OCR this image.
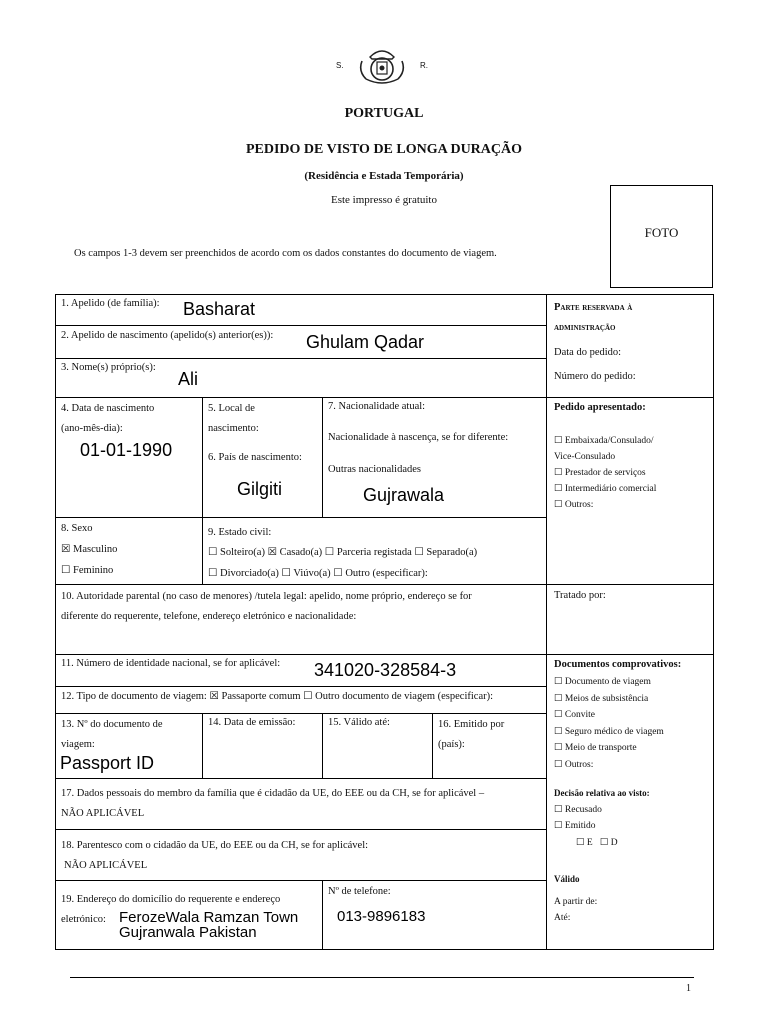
S.	R.
PORTUGAL
PEDIDO DE VISTO DE LONGA DURAÇÃO
(Residência e Estada Temporária)
Este impresso é gratuito
FOTO
Os campos 1-3 devem ser preenchidos de acordo com os dados constantes do documento de viagem.
1. Apelido (de família): Basharat
2. Apelido de nascimento (apelido(s) anterior(es)): Ghulam Qadar
3. Nome(s) próprio(s):
Ali
4. Data de nascimento
(ano-mês-dia):
01-01-1990
5. Local de
nascimento:
6. País de nascimento:
Gilgiti
7. Nacionalidade atual:
Nacionalidade à nascença, se for diferente:
Outras nacionalidades
Gujrawala
8. Sexo
☒ Masculino
☐ Feminino
9. Estado civil:
☐ Solteiro(a) ☒ Casado(a) ☐ Parceria registada ☐ Separado(a)
☐ Divorciado(a) ☐ Viúvo(a) ☐ Outro (especificar):
10. Autoridade parental (no caso de menores) /tutela legal: apelido, nome próprio, endereço se for
diferente do requerente, telefone, endereço eletrónico e nacionalidade:
11. Número de identidade nacional, se for aplicável: 341020-328584-3
12. Tipo de documento de viagem: ☒ Passaporte comum ☐ Outro documento de viagem (especificar):
13. Nº do documento de
viagem:
Passport ID
14. Data de emissão:	15. Válido até:	16. Emitido por
(país):
17. Dados pessoais do membro da família que é cidadão da UE, do EEE ou da CH, se for aplicável –
NÃO APLICÁVEL
18. Parentesco com o cidadão da UE, do EEE ou da CH, se for aplicável:
NÃO APLICÁVEL
19. Endereço do domicílio do requerente e endereço
eletrónico: FerozeWala Ramzan Town
Gujranwala Pakistan
Nº de telefone:
013-9896183
Parte reservada à
administração
Data do pedido:
Número do pedido:
Pedido apresentado:
☐ Embaixada/Consulado/
Vice-Consulado
☐ Prestador de serviços
☐ Intermediário comercial
☐ Outros:
Tratado por:
Documentos comprovativos:
☐ Documento de viagem
☐ Meios de subsistência
☐ Convite
☐ Seguro médico de viagem
☐ Meio de transporte
☐ Outros:
Decisão relativa ao visto:
☐ Recusado
☐ Emitido
☐ E   ☐ D
Válido
A partir de:
Até:
1
